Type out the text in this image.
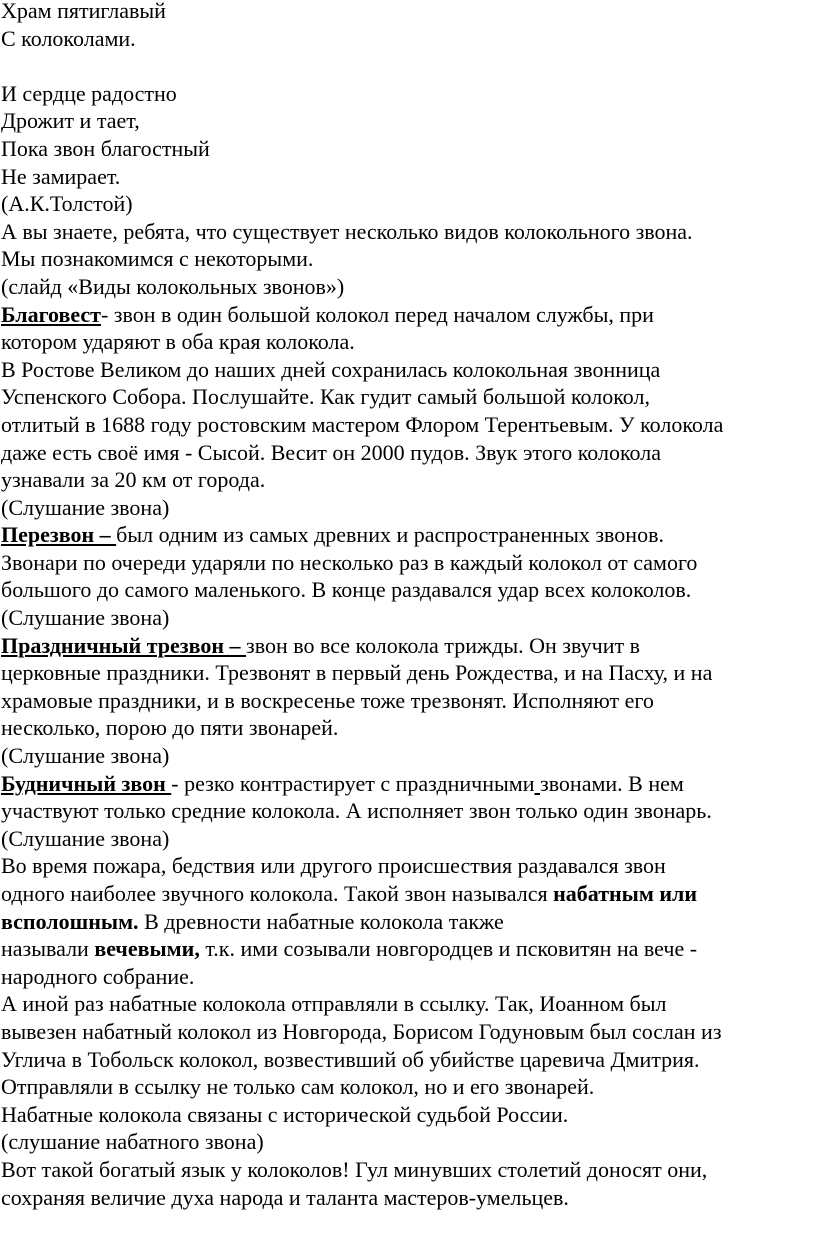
Храм пятиглавый

С колоколами.

И сердце радостно

Дрожит и тает,

Пока звон благостный

Не замирает.

(А.К.Толстой)

А вы знаете, ребята, что существует несколько видов колокольного звона.

Мы познакомимся с некоторыми.

(слайд «Виды колокольных звонов»)

Благовест- звон в один большой колокол перед началом службы, при

котором ударяют в оба края колокола.

В Ростове Великом до наших дней сохранилась колокольная звонница

Успенского Собора. Послушайте. Как гудит самый большой колокол,

отлитый в 1688 году ростовским мастером Флором Терентьевым. У колокола

даже есть своё имя - Сысой. Весит он 2000 пудов. Звук этого колокола

узнавали за 20 км от города.

(Слушание звона)

Перезвон – был одним из самых древних и распространенных звонов.

Звонари по очереди ударяли по несколько раз в каждый колокол от самого

большого до самого маленького. В конце раздавался удар всех колоколов.

(Слушание звона)

Праздничный трезвон – звон во все колокола трижды. Он звучит в

церковные праздники. Трезвонят в первый день Рождества, и на Пасху, и на

храмовые праздники, и в воскресенье тоже трезвонят. Исполняют его

несколько, порою до пяти звонарей.

(Слушание звона)

Будничный звон - резко контрастирует с праздничными звонами. В нем

участвуют только средние колокола. А исполняет звон только один звонарь.

(Слушание звона)

Во время пожара, бедствия или другого происшествия раздавался звон

одного наиболее звучного колокола. Такой звон назывался набатным или

всполошным. В древности набатные колокола также

называли вечевыми, т.к. ими созывали новгородцев и псковитян на вече -

народного собрание.

А иной раз набатные колокола отправляли в ссылку. Так, Иоанном был

вывезен набатный колокол из Новгорода, Борисом Годуновым был сослан из

Углича в Тобольск колокол, возвестивший об убийстве царевича Дмитрия.

Отправляли в ссылку не только сам колокол, но и его звонарей.

Набатные колокола связаны с исторической судьбой России.

(слушание набатного звона)

Вот такой богатый язык у колоколов! Гул минувших столетий доносят они,

сохраняя величие духа народа и таланта мастеров-умельцев.
